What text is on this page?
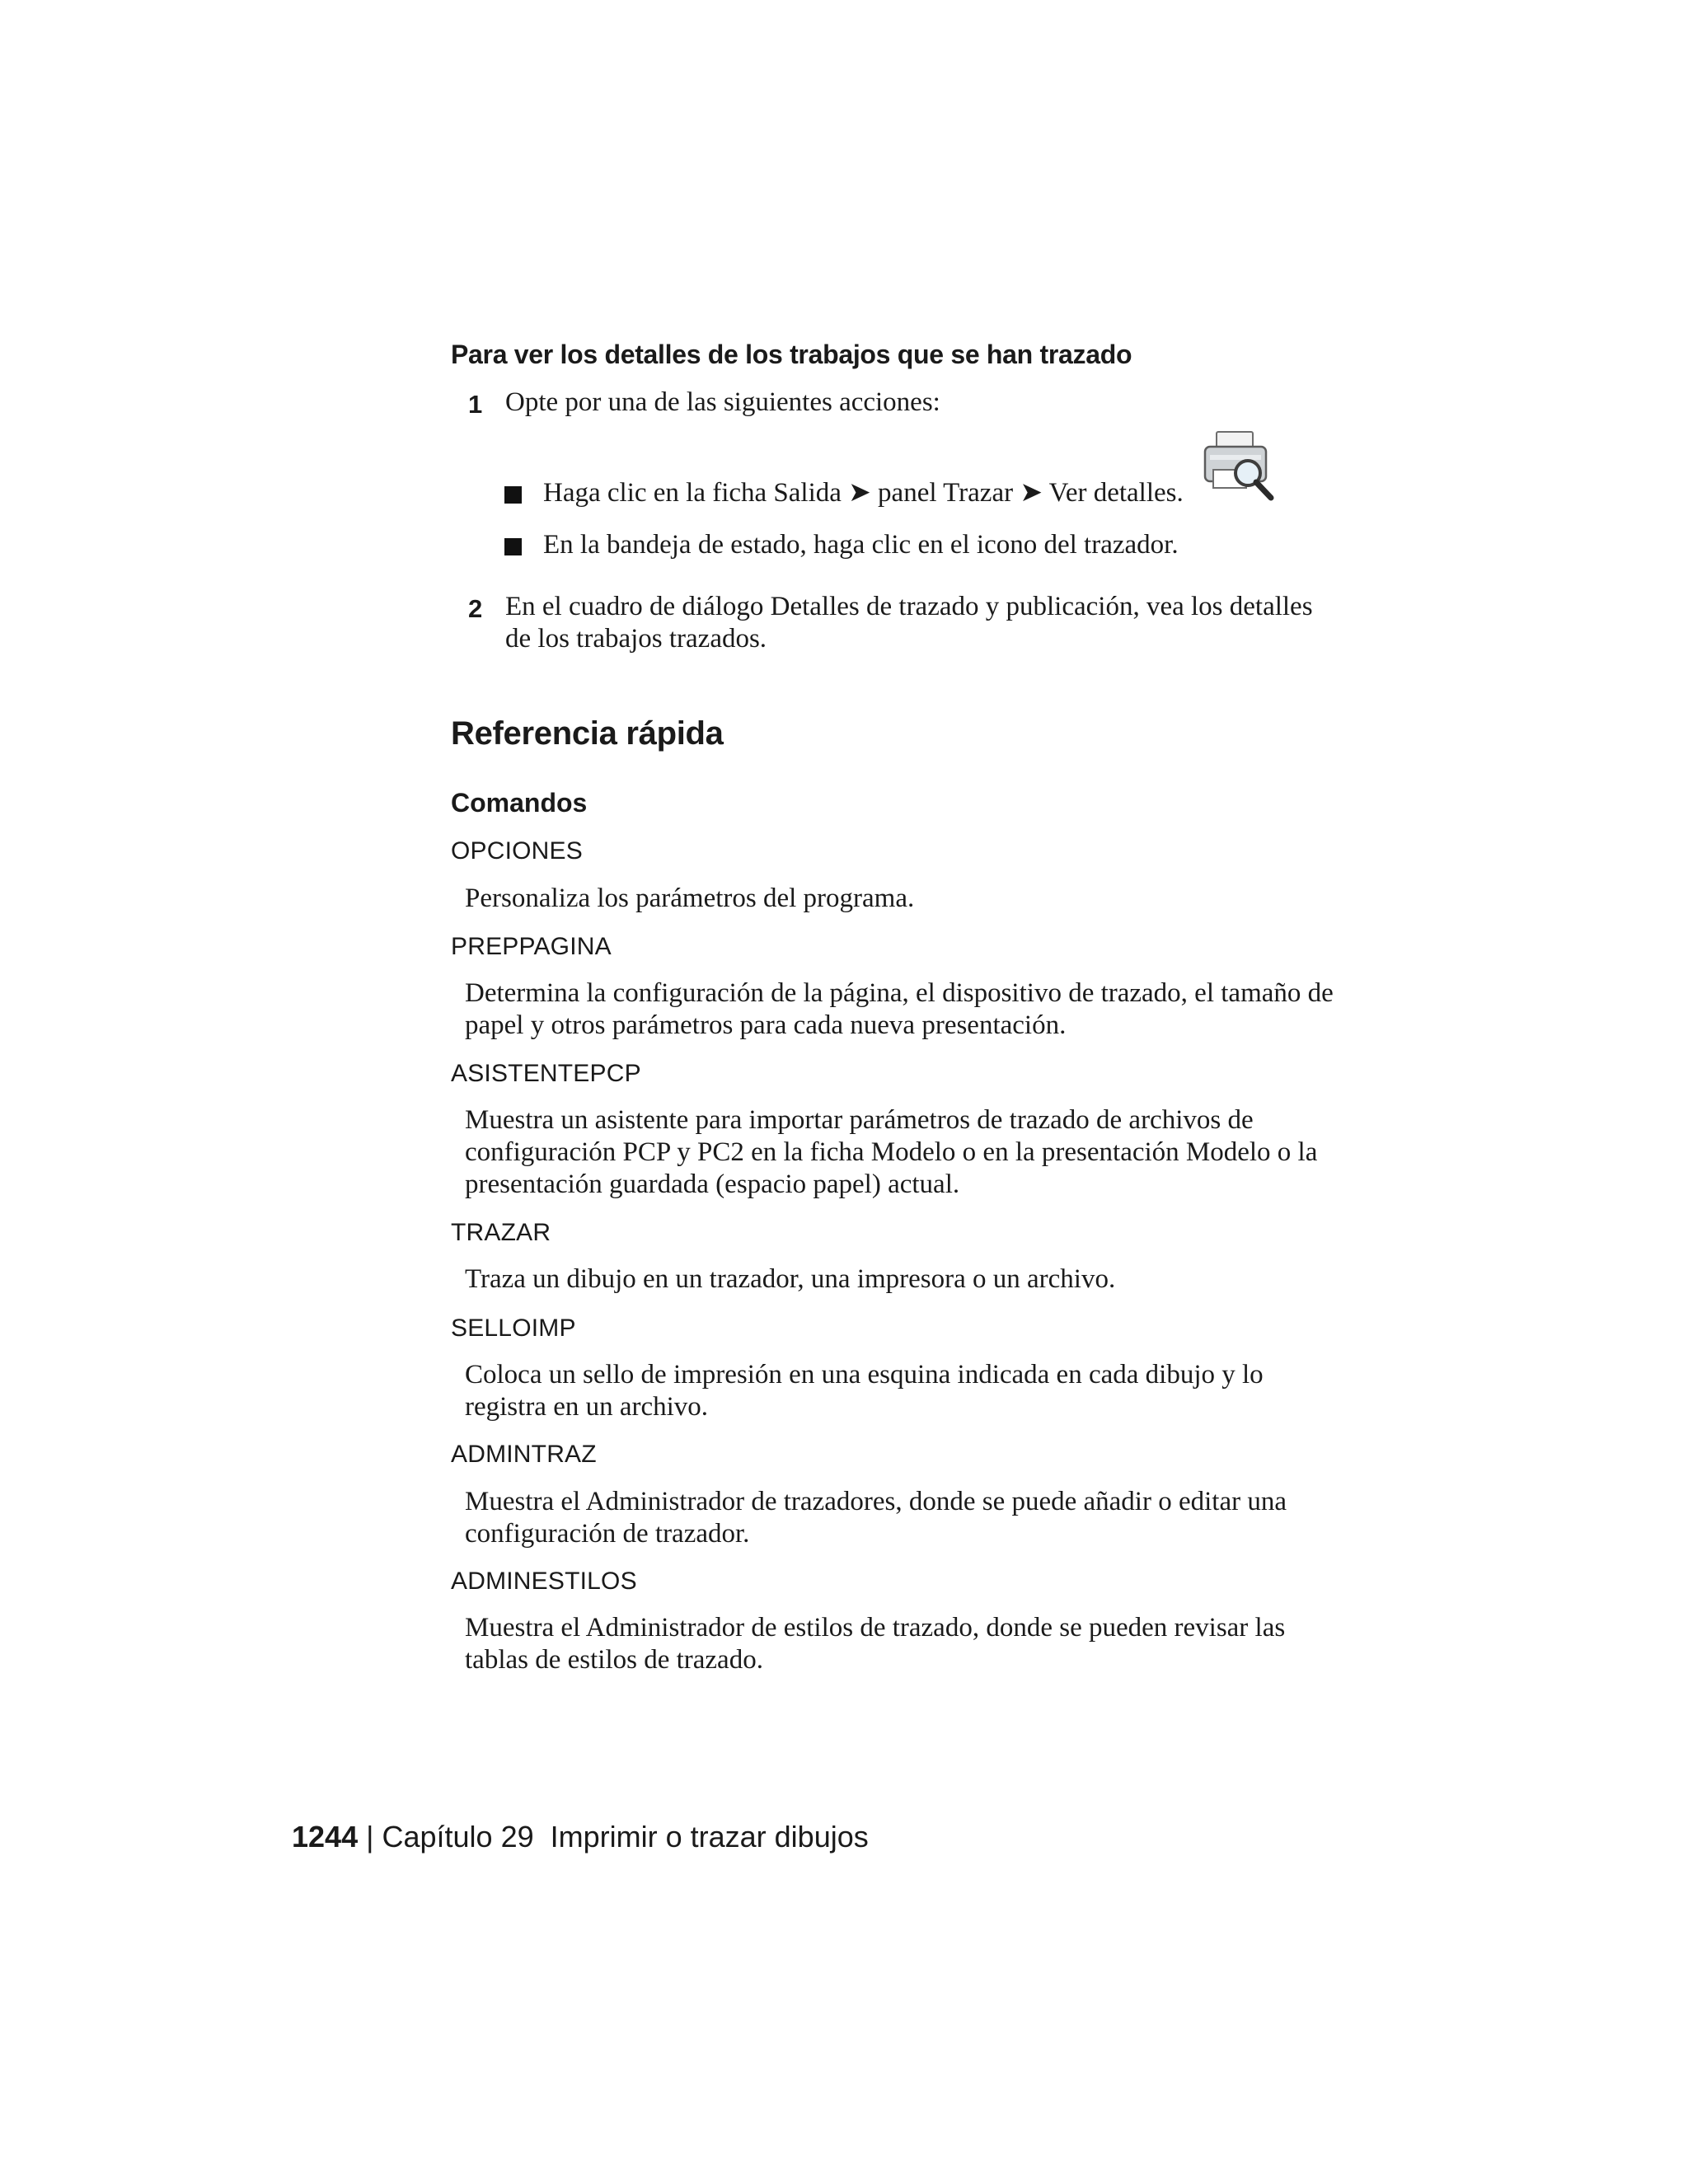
Para ver los detalles de los trabajos que se han trazado
1 Opte por una de las siguientes acciones:
Haga clic en la ficha Salida ➤ panel Trazar ➤ Ver detalles.
En la bandeja de estado, haga clic en el icono del trazador.
2 En el cuadro de diálogo Detalles de trazado y publicación, vea los detalles de los trabajos trazados.
Referencia rápida
Comandos
OPCIONES
Personaliza los parámetros del programa.
PREPPAGINA
Determina la configuración de la página, el dispositivo de trazado, el tamaño de papel y otros parámetros para cada nueva presentación.
ASISTENTEPCP
Muestra un asistente para importar parámetros de trazado de archivos de configuración PCP y PC2 en la ficha Modelo o en la presentación Modelo o la presentación guardada (espacio papel) actual.
TRAZAR
Traza un dibujo en un trazador, una impresora o un archivo.
SELLOIMP
Coloca un sello de impresión en una esquina indicada en cada dibujo y lo registra en un archivo.
ADMINTRAZ
Muestra el Administrador de trazadores, donde se puede añadir o editar una configuración de trazador.
ADMINESTILOS
Muestra el Administrador de estilos de trazado, donde se pueden revisar las tablas de estilos de trazado.
1244 | Capítulo 29 Imprimir o trazar dibujos
